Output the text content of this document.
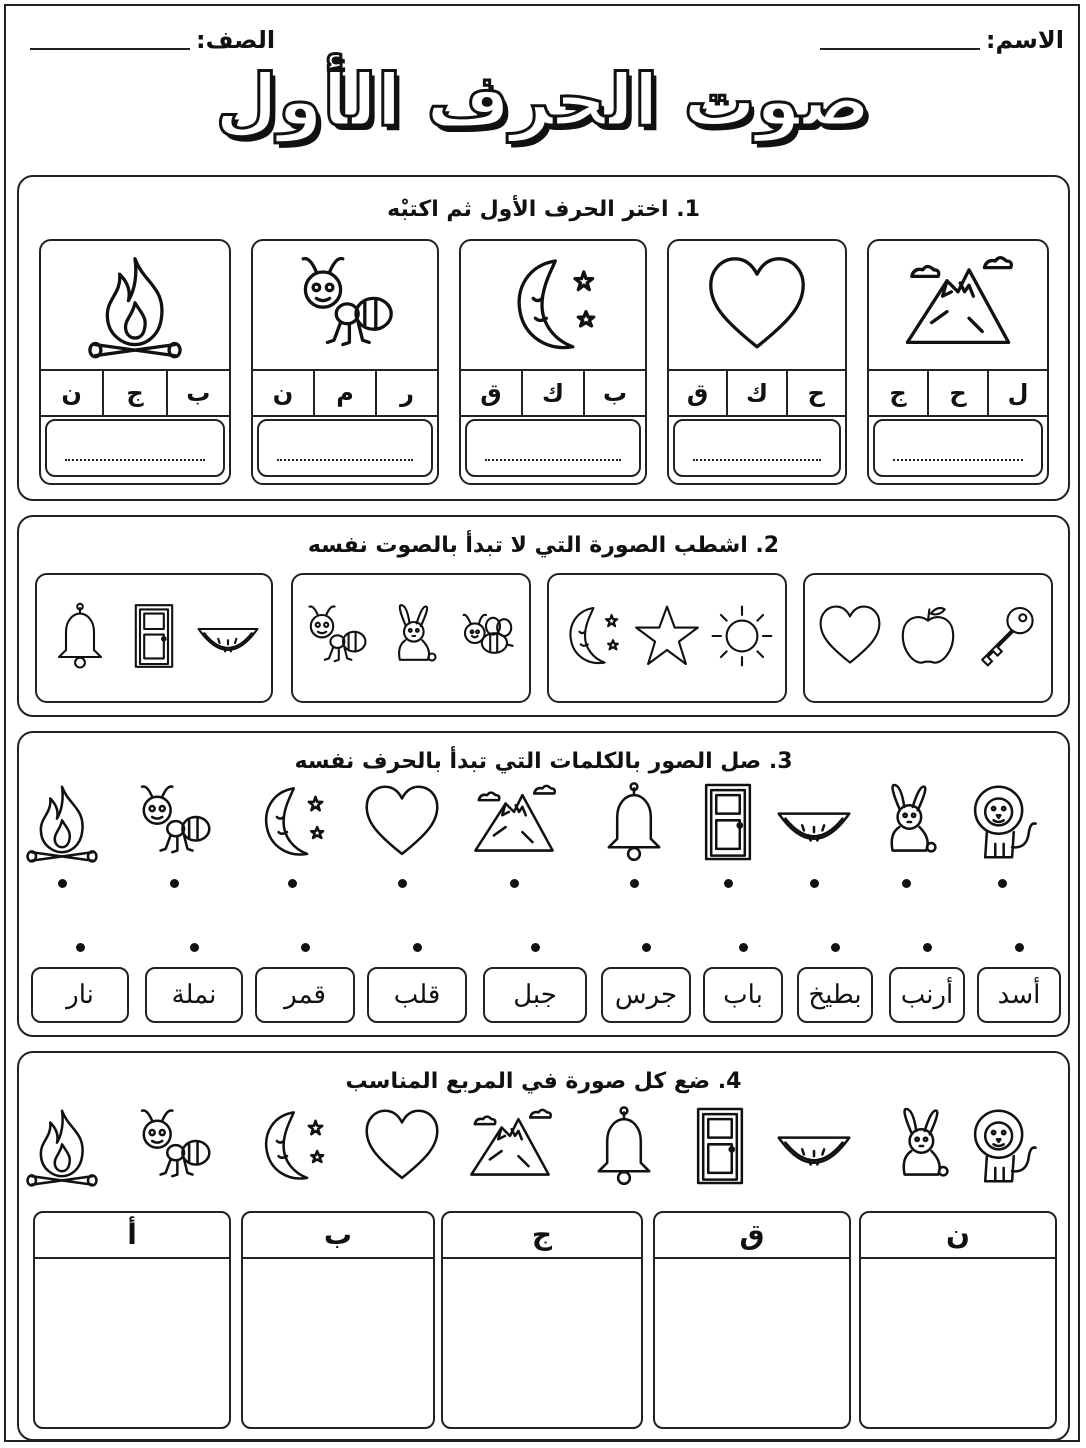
الاسم:
الصف:
صوت الحرف الأول
1. اختر الحرف الأول ثم اكتبْه
ن	ج	ب	ن	م	ر	ق	ك	ب	ق	ك	ح	ج	ح	ل
2. اشطب الصورة التي لا تبدأ بالصوت نفسه
3. صل الصور بالكلمات التي تبدأ بالحرف نفسه
نار	نملة	قمر	قلب	جبل	جرس	باب	بطيخ	أرنب	أسد
4. ضع كل صورة في المربع المناسب
أ	ب	ج	ق	ن
